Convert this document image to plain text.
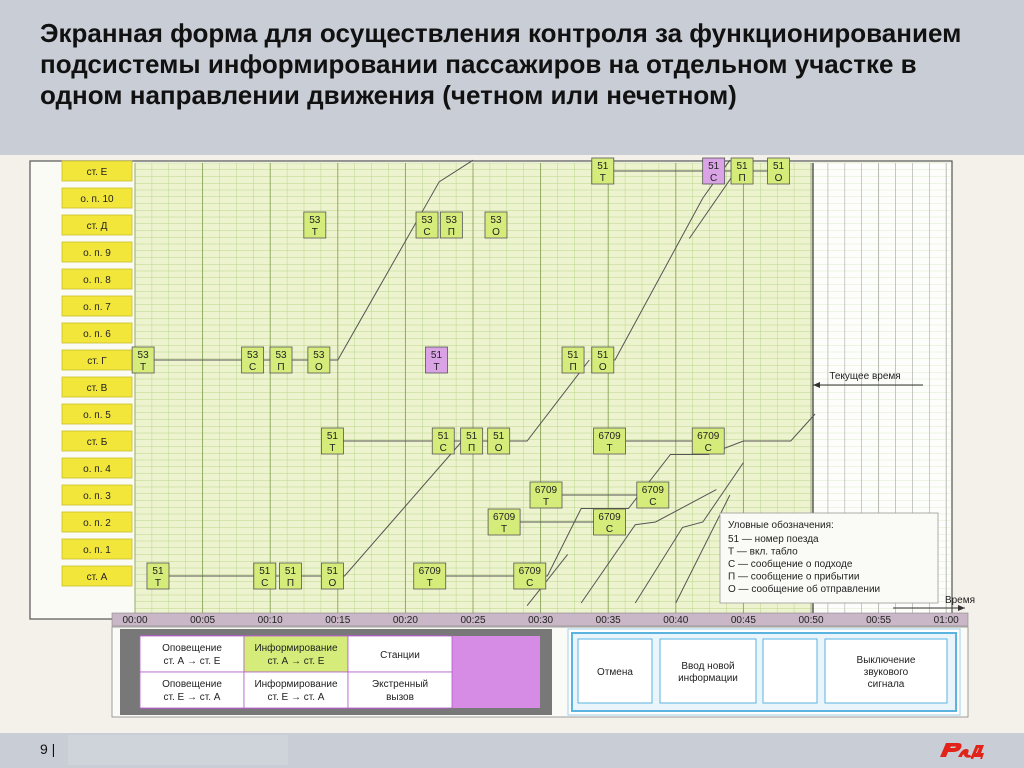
Экранная форма для осуществления контроля за функционированием подсистемы информировании пассажиров на отдельном участке в одном направлении движения (четном или нечетном)
ст. Е
о. п. 10
ст. Д
о. п. 9
о. п. 8
о. п. 7
о. п. 6
ст. Г
ст. В
о. п. 5
ст. Б
о. п. 4
о. п. 3
о. п. 2
о. п. 1
ст. А
53
Т
53
С
53
П
53
О
53
Т
53
С
53
П
53
О
51
Т
51
С
51
П
51
О
51
Т
51
С
51
П
51
О
51
Т
51
П
51
О
51
Т
51
С
51
П
51
О
6709
Т
6709
С
6709
Т
6709
С
6709
Т
6709
С
6709
Т
6709
С
Текущее время
Уловные обозначения:
51 — номер поезда
Т — вкл. табло
С — сообщение о подходе
П — сообщение о прибытии
О — сообщение об отправлении
00:00	00:05	00:10	00:15	00:20	00:25	00:30	00:35	00:40	00:45	00:50	00:55	01:00
Время
Оповещение
ст. А → ст. Е
Информирование
ст. А → ст. Е
Станции
Оповещение
ст. Е → ст. А
Информирование
ст. Е → ст. А
Экстренный
вызов
Отмена
Ввод новой
информации
Выключение
звукового
сигнала
9 |
